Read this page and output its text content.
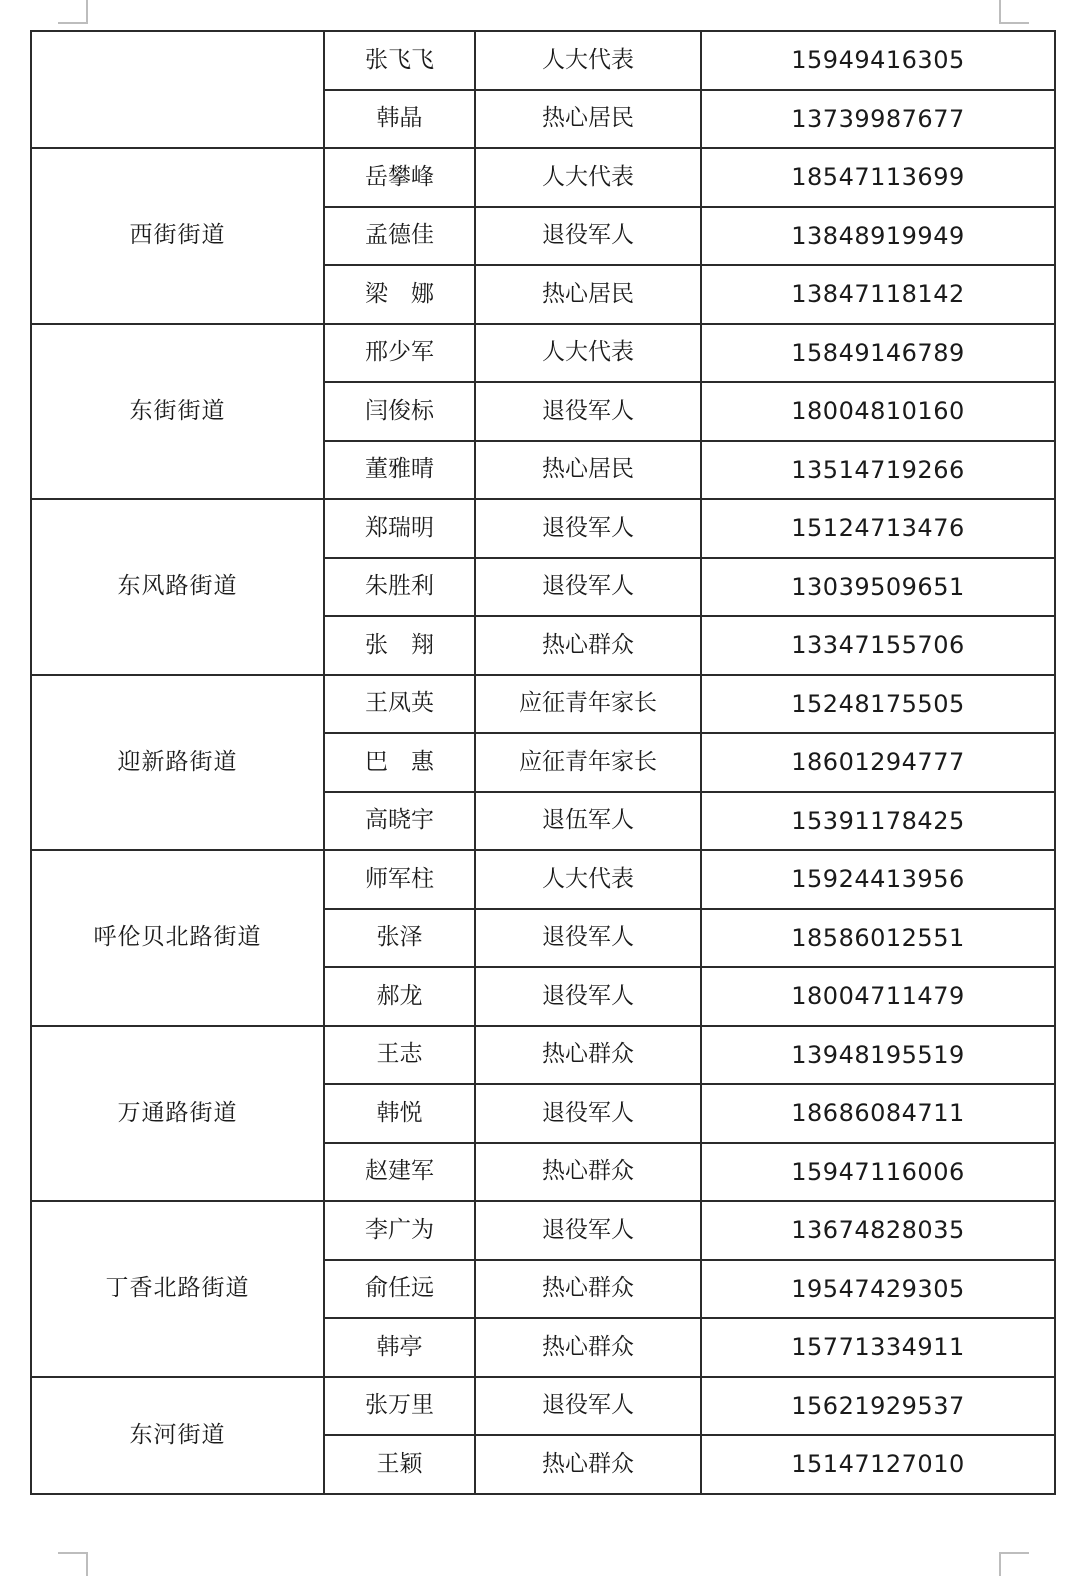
	张飞飞	人大代表	15949416305
	韩晶	热心居民	13739987677
西街街道	岳攀峰	人大代表	18547113699
	孟德佳	退役军人	13848919949
	梁　娜	热心居民	13847118142
东街街道	邢少军	人大代表	15849146789
	闫俊标	退役军人	18004810160
	董雅晴	热心居民	13514719266
东风路街道	郑瑞明	退役军人	15124713476
	朱胜利	退役军人	13039509651
	张　翔	热心群众	13347155706
迎新路街道	王凤英	应征青年家长	15248175505
	巴　惠	应征青年家长	18601294777
	高晓宇	退伍军人	15391178425
呼伦贝北路街道	师军柱	人大代表	15924413956
	张泽	退役军人	18586012551
	郝龙	退役军人	18004711479
万通路街道	王志	热心群众	13948195519
	韩悦	退役军人	18686084711
	赵建军	热心群众	15947116006
丁香北路街道	李广为	退役军人	13674828035
	俞任远	热心群众	19547429305
	韩亭	热心群众	15771334911
东河街道	张万里	退役军人	15621929537
	王颖	热心群众	15147127010
